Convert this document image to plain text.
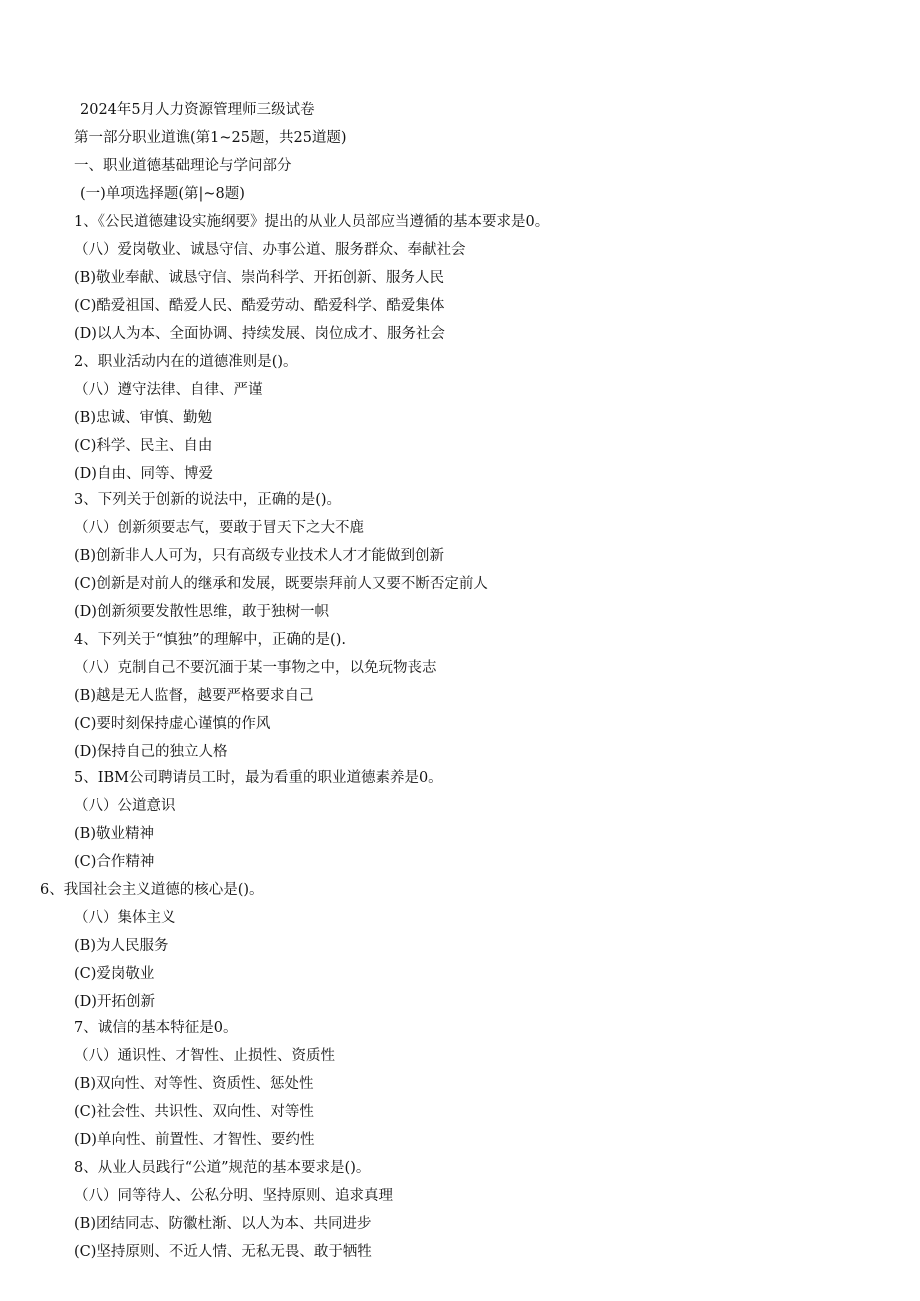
2024年5月人力资源管理师三级试卷
第一部分职业道谯(第1~25题，共25道题)
一、职业道德基础理论与学问部分
(一)单项选择题(第|~8题)
1、《公民道德建设实施纲要》提出的从业人员部应当遵循的基本要求是0。
（八）爱岗敬业、诚恳守信、办事公道、服务群众、奉献社会
(B)敬业奉献、诚恳守信、崇尚科学、开拓创新、服务人民
(C)酷爱祖国、酷爱人民、酷爱劳动、酷爱科学、酷爱集体
(D)以人为本、全面协调、持续发展、岗位成才、服务社会
2、职业活动内在的道德准则是()。
（八）遵守法律、自律、严谨
(B)忠诚、审慎、勤勉
(C)科学、民主、自由
(D)自由、同等、博爱
3、下列关于创新的说法中，正确的是()。
（八）创新须要志气，要敢于冒天下之大不鹿
(B)创新非人人可为，只有高级专业技术人才才能做到创新
(C)创新是对前人的继承和发展，既要崇拜前人又要不断否定前人
(D)创新须要发散性思维，敢于独树一帜
4、下列关于“慎独”的理解中，正确的是().
（八）克制自己不要沉湎于某一事物之中，以免玩物丧志
(B)越是无人监督，越要严格要求自己
(C)要时刻保持虚心谨慎的作风
(D)保持自己的独立人格
5、IBM公司聘请员工时，最为看重的职业道德素养是0。
（八）公道意识
(B)敬业精神
(C)合作精神
6、我国社会主义道德的核心是()。
（八）集体主义
(B)为人民服务
(C)爱岗敬业
(D)开拓创新
7、诚信的基本特征是0。
（八）通识性、才智性、止损性、资质性
(B)双向性、对等性、资质性、惩处性
(C)社会性、共识性、双向性、对等性
(D)单向性、前置性、才智性、要约性
8、从业人员践行“公道”规范的基本要求是()。
（八）同等待人、公私分明、坚持原则、追求真理
(B)团结同志、防徽杜渐、以人为本、共同进步
(C)坚持原则、不近人情、无私无畏、敢于牺牲
